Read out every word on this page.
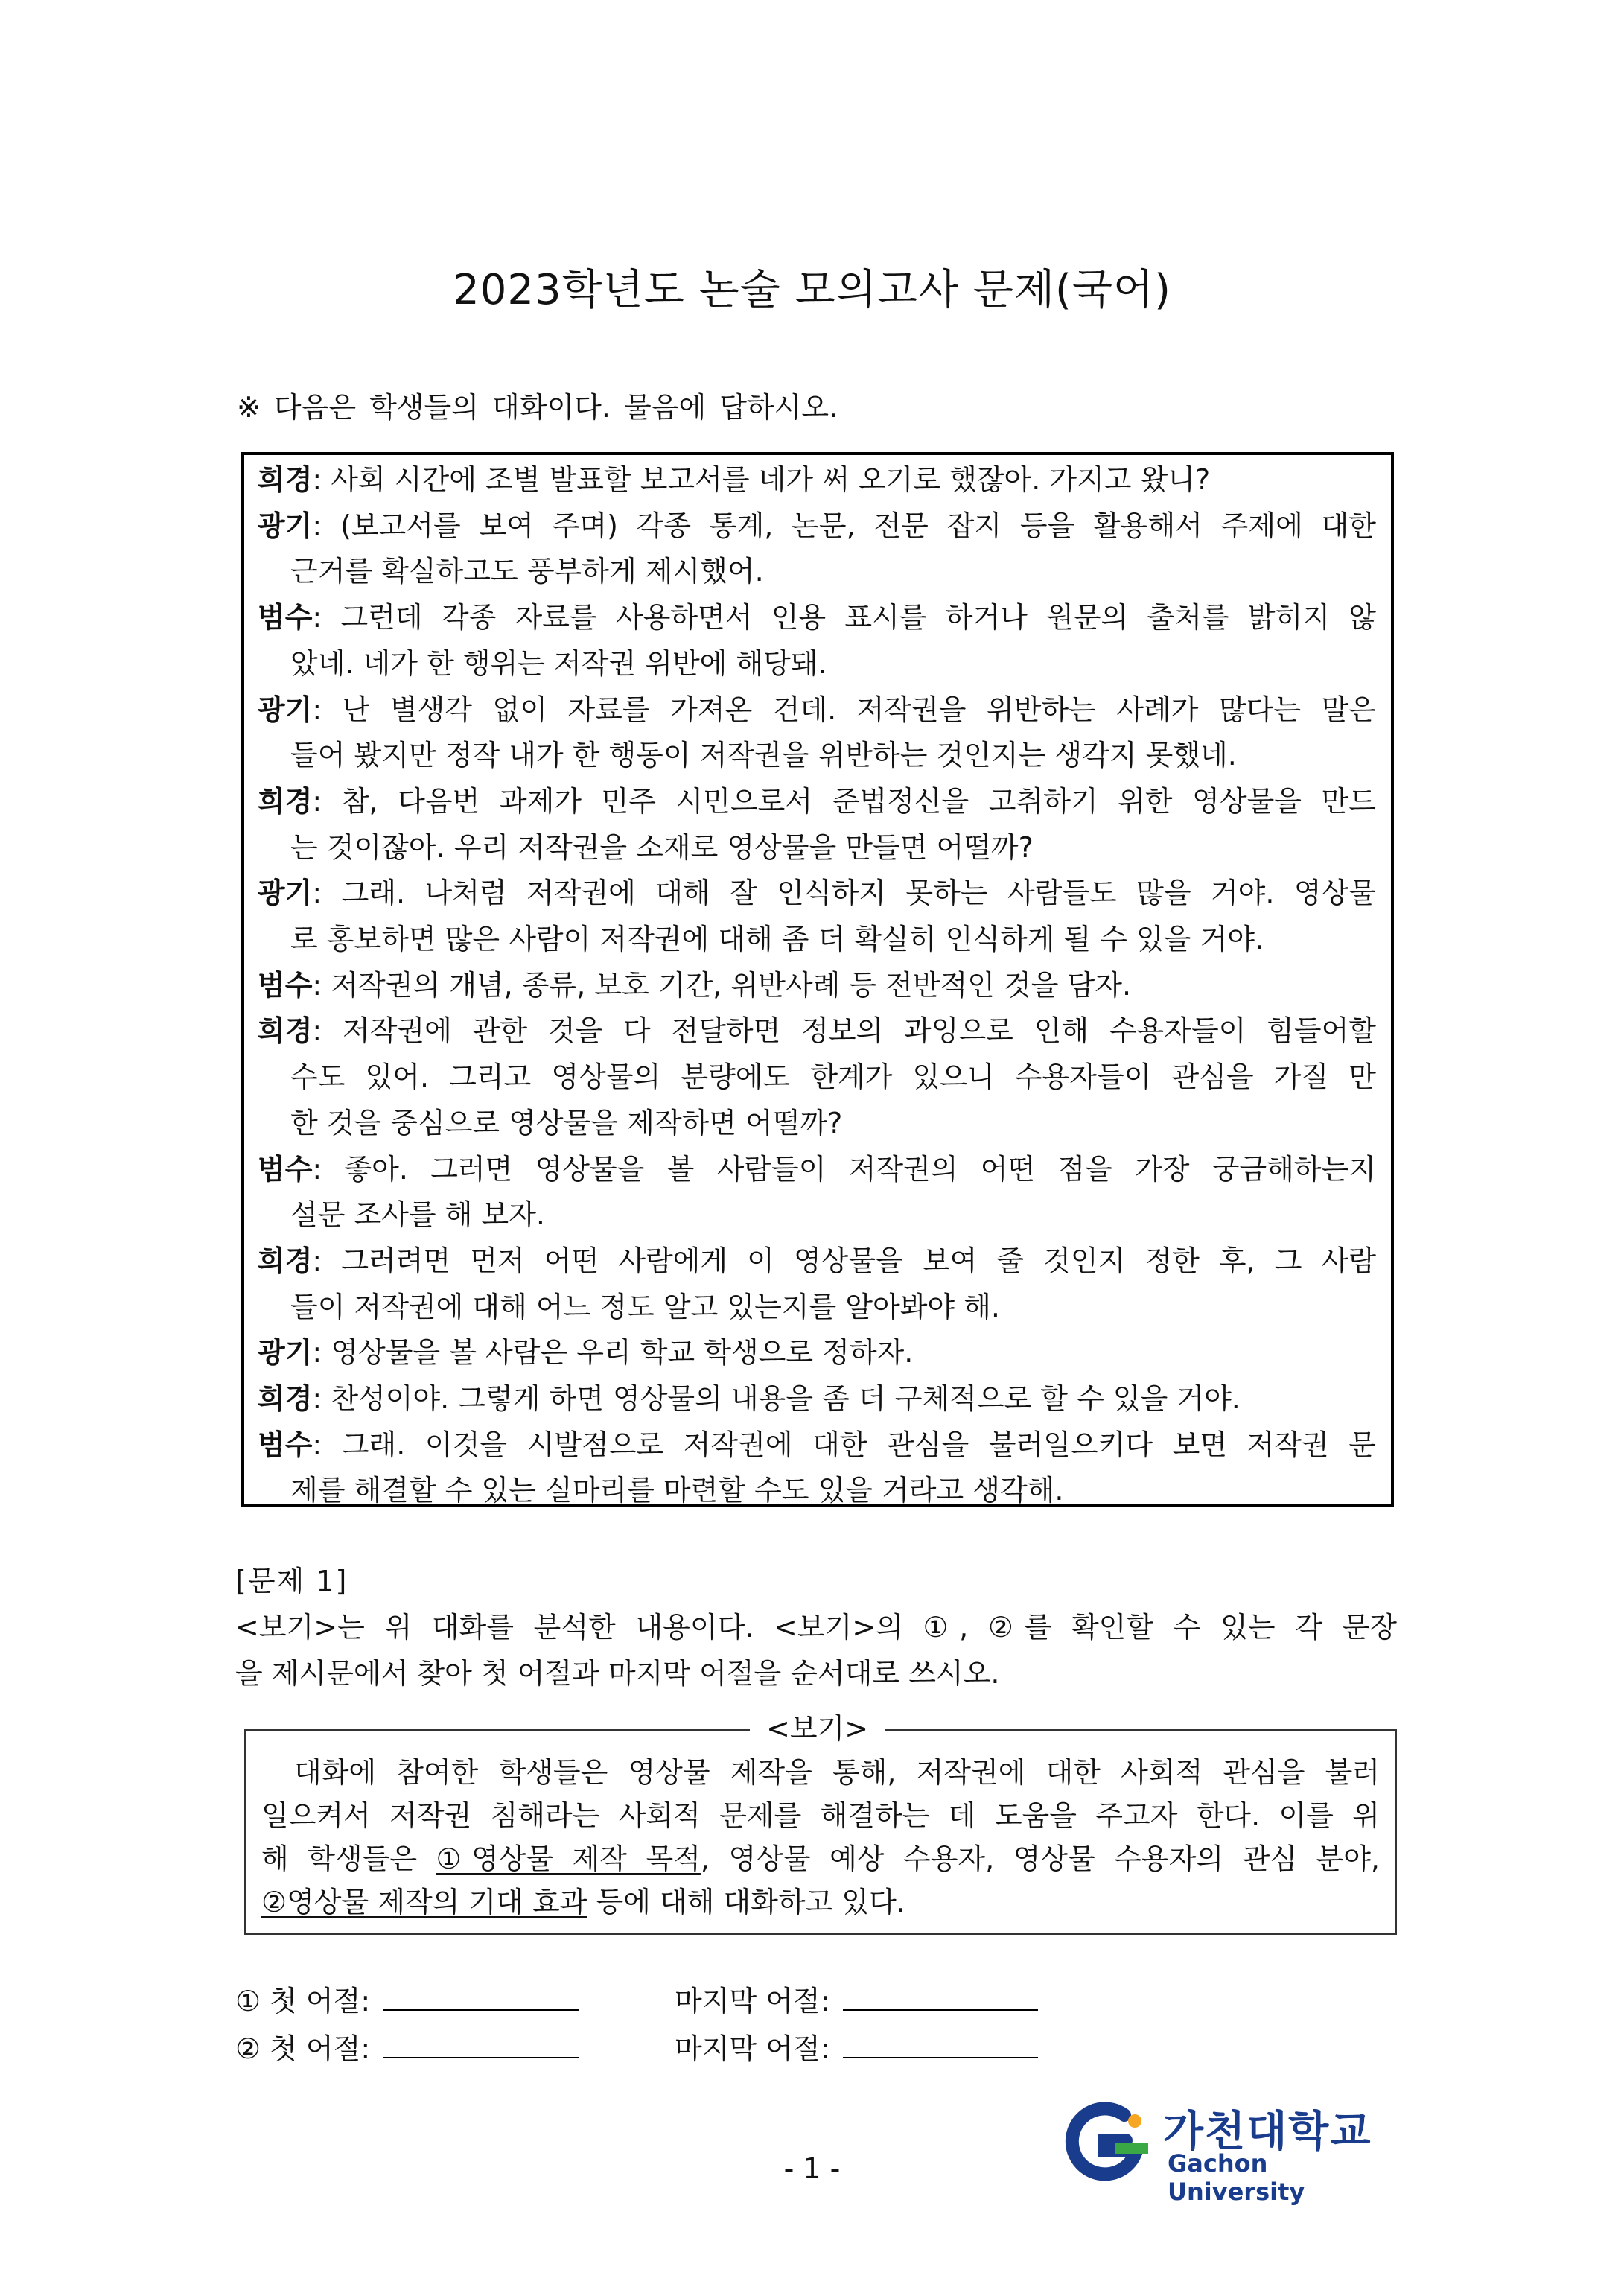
2023학년도 논술 모의고사 문제(국어)
※ 다음은 학생들의 대화이다. 물음에 답하시오.
희경: 사회 시간에 조별 발표할 보고서를 네가 써 오기로 했잖아. 가지고 왔니?
광기: (보고서를 보여 주며) 각종 통계, 논문, 전문 잡지 등을 활용해서 주제에 대한
근거를 확실하고도 풍부하게 제시했어.
범수: 그런데 각종 자료를 사용하면서 인용 표시를 하거나 원문의 출처를 밝히지 않
았네. 네가 한 행위는 저작권 위반에 해당돼.
광기: 난 별생각 없이 자료를 가져온 건데. 저작권을 위반하는 사례가 많다는 말은
들어 봤지만 정작 내가 한 행동이 저작권을 위반하는 것인지는 생각지 못했네.
희경: 참, 다음번 과제가 민주 시민으로서 준법정신을 고취하기 위한 영상물을 만드
는 것이잖아. 우리 저작권을 소재로 영상물을 만들면 어떨까?
광기: 그래. 나처럼 저작권에 대해 잘 인식하지 못하는 사람들도 많을 거야. 영상물
로 홍보하면 많은 사람이 저작권에 대해 좀 더 확실히 인식하게 될 수 있을 거야.
범수: 저작권의 개념, 종류, 보호 기간, 위반사례 등 전반적인 것을 담자.
희경: 저작권에 관한 것을 다 전달하면 정보의 과잉으로 인해 수용자들이 힘들어할
수도 있어. 그리고 영상물의 분량에도 한계가 있으니 수용자들이 관심을 가질 만
한 것을 중심으로 영상물을 제작하면 어떨까?
범수: 좋아. 그러면 영상물을 볼 사람들이 저작권의 어떤 점을 가장 궁금해하는지
설문 조사를 해 보자.
희경: 그러려면 먼저 어떤 사람에게 이 영상물을 보여 줄 것인지 정한 후, 그 사람
들이 저작권에 대해 어느 정도 알고 있는지를 알아봐야 해.
광기: 영상물을 볼 사람은 우리 학교 학생으로 정하자.
희경: 찬성이야. 그렇게 하면 영상물의 내용을 좀 더 구체적으로 할 수 있을 거야.
범수: 그래. 이것을 시발점으로 저작권에 대한 관심을 불러일으키다 보면 저작권 문
제를 해결할 수 있는 실마리를 마련할 수도 있을 거라고 생각해.
[문제 1]
<보기>는 위 대화를 분석한 내용이다. <보기>의 ①, ②를 확인할 수 있는 각 문장
을 제시문에서 찾아 첫 어절과 마지막 어절을 순서대로 쓰시오.
<보기>
대화에 참여한 학생들은 영상물 제작을 통해, 저작권에 대한 사회적 관심을 불러
일으켜서 저작권 침해라는 사회적 문제를 해결하는 데 도움을 주고자 한다. 이를 위
해 학생들은 ①영상물 제작 목적, 영상물 예상 수용자, 영상물 수용자의 관심 분야,
②영상물 제작의 기대 효과 등에 대해 대화하고 있다.
① 첫 어절:	마지막 어절:
② 첫 어절:	마지막 어절:
가천대학교
Gachon University
- 1 -
